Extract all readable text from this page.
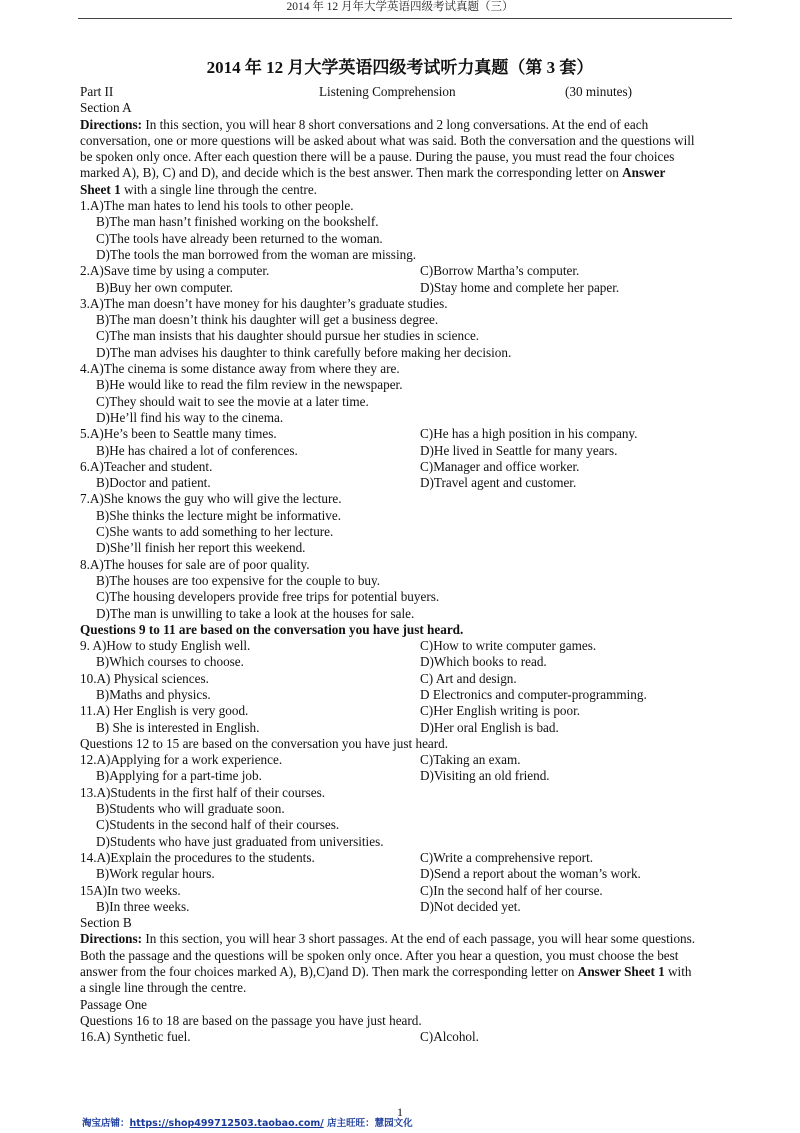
2014 年 12 月年大学英语四级考试真题（三）
2014 年 12 月大学英语四级考试听力真题（第 3 套）
Part II	Listening Comprehension	(30 minutes)
Section A
Directions: In this section, you will hear 8 short conversations and 2 long conversations. At the end of each
conversation, one or more questions will be asked about what was said. Both the conversation and the questions will
be spoken only once. After each question there will be a pause. During the pause, you must read the four choices
marked A), B), C) and D), and decide which is the best answer. Then mark the corresponding letter on Answer
Sheet 1 with a single line through the centre.
1.A)The man hates to lend his tools to other people.
B)The man hasn’t finished working on the bookshelf.
C)The tools have already been returned to the woman.
D)The tools the man borrowed from the woman are missing.
2.A)Save time by using a computer.	C)Borrow Martha’s computer.
B)Buy her own computer.	D)Stay home and complete her paper.
3.A)The man doesn’t have money for his daughter’s graduate studies.
B)The man doesn’t think his daughter will get a business degree.
C)The man insists that his daughter should pursue her studies in science.
D)The man advises his daughter to think carefully before making her decision.
4.A)The cinema is some distance away from where they are.
B)He would like to read the film review in the newspaper.
C)They should wait to see the movie at a later time.
D)He’ll find his way to the cinema.
5.A)He’s been to Seattle many times.	C)He has a high position in his company.
B)He has chaired a lot of conferences.	D)He lived in Seattle for many years.
6.A)Teacher and student.	C)Manager and office worker.
B)Doctor and patient.	D)Travel agent and customer.
7.A)She knows the guy who will give the lecture.
B)She thinks the lecture might be informative.
C)She wants to add something to her lecture.
D)She’ll finish her report this weekend.
8.A)The houses for sale are of poor quality.
B)The houses are too expensive for the couple to buy.
C)The housing developers provide free trips for potential buyers.
D)The man is unwilling to take a look at the houses for sale.
Questions 9 to 11 are based on the conversation you have just heard.
9. A)How to study English well.	C)How to write computer games.
B)Which courses to choose.	D)Which books to read.
10.A) Physical sciences.	C) Art and design.
B)Maths and physics.	D Electronics and computer-programming.
11.A) Her English is very good.	C)Her English writing is poor.
B) She is interested in English.	D)Her oral English is bad.
Questions 12 to 15 are based on the conversation you have just heard.
12.A)Applying for a work experience.	C)Taking an exam.
B)Applying for a part-time job.	D)Visiting an old friend.
13.A)Students in the first half of their courses.
B)Students who will graduate soon.
C)Students in the second half of their courses.
D)Students who have just graduated from universities.
14.A)Explain the procedures to the students.	C)Write a comprehensive report.
B)Work regular hours.	D)Send a report about the woman’s work.
15A)In two weeks.	C)In the second half of her course.
B)In three weeks.	D)Not decided yet.
Section B
Directions: In this section, you will hear 3 short passages. At the end of each passage, you will hear some questions.
Both the passage and the questions will be spoken only once. After you hear a question, you must choose the best
answer from the four choices marked A), B),C)and D). Then mark the corresponding letter on Answer Sheet 1 with
a single line through the centre.
Passage One
Questions 16 to 18 are based on the passage you have just heard.
16.A) Synthetic fuel.	C)Alcohol.
1
淘宝店铺：https://shop499712503.taobao.com/ 店主旺旺：慧园文化
